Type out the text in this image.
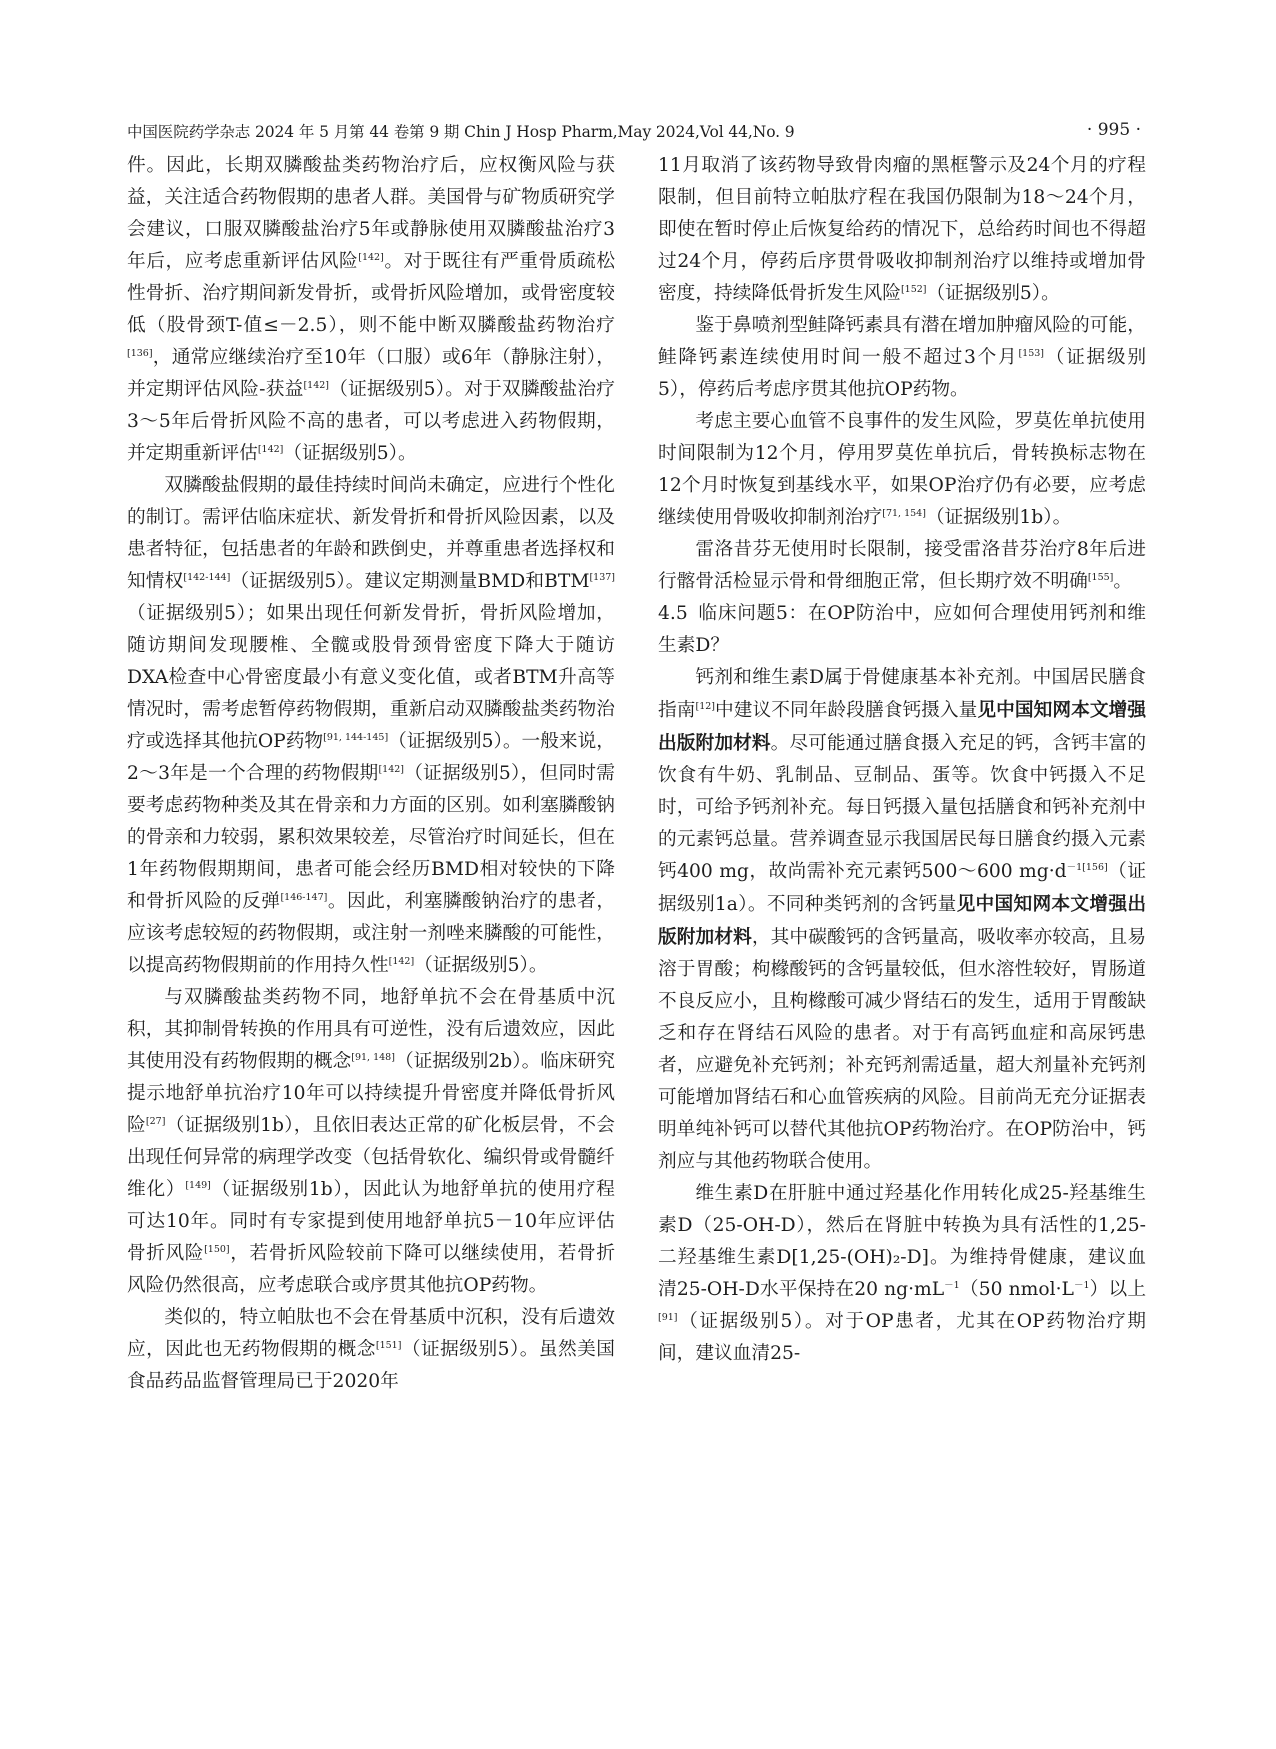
中国医院药学杂志 2024 年 5 月第 44 卷第 9 期 Chin J Hosp Pharm,May 2024,Vol 44,No. 9	· 995 ·

件。因此，长期双膦酸盐类药物治疗后，应权衡风险与获益，关注适合药物假期的患者人群。美国骨与矿物质研究学会建议，口服双膦酸盐治疗5年或静脉使用双膦酸盐治疗3年后，应考虑重新评估风险[142]。对于既往有严重骨质疏松性骨折、治疗期间新发骨折，或骨折风险增加，或骨密度较低（股骨颈T-值≤－2.5），则不能中断双膦酸盐药物治疗[136]，通常应继续治疗至10年（口服）或6年（静脉注射），并定期评估风险-获益[142]（证据级别5）。对于双膦酸盐治疗3～5年后骨折风险不高的患者，可以考虑进入药物假期，并定期重新评估[142]（证据级别5）。

双膦酸盐假期的最佳持续时间尚未确定，应进行个性化的制订。需评估临床症状、新发骨折和骨折风险因素，以及患者特征，包括患者的年龄和跌倒史，并尊重患者选择权和知情权[142-144]（证据级别5）。建议定期测量BMD和BTM[137]（证据级别5）；如果出现任何新发骨折，骨折风险增加，随访期间发现腰椎、全髋或股骨颈骨密度下降大于随访DXA检查中心骨密度最小有意义变化值，或者BTM升高等情况时，需考虑暂停药物假期，重新启动双膦酸盐类药物治疗或选择其他抗OP药物[91, 144-145]（证据级别5）。一般来说，2～3年是一个合理的药物假期[142]（证据级别5），但同时需要考虑药物种类及其在骨亲和力方面的区别。如利塞膦酸钠的骨亲和力较弱，累积效果较差，尽管治疗时间延长，但在1年药物假期期间，患者可能会经历BMD相对较快的下降和骨折风险的反弹[146-147]。因此，利塞膦酸钠治疗的患者，应该考虑较短的药物假期，或注射一剂唑来膦酸的可能性，以提高药物假期前的作用持久性[142]（证据级别5）。

与双膦酸盐类药物不同，地舒单抗不会在骨基质中沉积，其抑制骨转换的作用具有可逆性，没有后遗效应，因此其使用没有药物假期的概念[91, 148]（证据级别2b）。临床研究提示地舒单抗治疗10年可以持续提升骨密度并降低骨折风险[27]（证据级别1b），且依旧表达正常的矿化板层骨，不会出现任何异常的病理学改变（包括骨软化、编织骨或骨髓纤维化）[149]（证据级别1b），因此认为地舒单抗的使用疗程可达10年。同时有专家提到使用地舒单抗5－10年应评估骨折风险[150]，若骨折风险较前下降可以继续使用，若骨折风险仍然很高，应考虑联合或序贯其他抗OP药物。

类似的，特立帕肽也不会在骨基质中沉积，没有后遗效应，因此也无药物假期的概念[151]（证据级别5）。虽然美国食品药品监督管理局已于2020年

11月取消了该药物导致骨肉瘤的黑框警示及24个月的疗程限制，但目前特立帕肽疗程在我国仍限制为18～24个月，即使在暂时停止后恢复给药的情况下，总给药时间也不得超过24个月，停药后序贯骨吸收抑制剂治疗以维持或增加骨密度，持续降低骨折发生风险[152]（证据级别5）。

鉴于鼻喷剂型鲑降钙素具有潜在增加肿瘤风险的可能，鲑降钙素连续使用时间一般不超过3个月[153]（证据级别5），停药后考虑序贯其他抗OP药物。

考虑主要心血管不良事件的发生风险，罗莫佐单抗使用时间限制为12个月，停用罗莫佐单抗后，骨转换标志物在12个月时恢复到基线水平，如果OP治疗仍有必要，应考虑继续使用骨吸收抑制剂治疗[71, 154]（证据级别1b）。

雷洛昔芬无使用时长限制，接受雷洛昔芬治疗8年后进行髂骨活检显示骨和骨细胞正常，但长期疗效不明确[155]。

4.5 临床问题5：在OP防治中，应如何合理使用钙剂和维生素D？

钙剂和维生素D属于骨健康基本补充剂。中国居民膳食指南[12]中建议不同年龄段膳食钙摄入量见中国知网本文增强出版附加材料。尽可能通过膳食摄入充足的钙，含钙丰富的饮食有牛奶、乳制品、豆制品、蛋等。饮食中钙摄入不足时，可给予钙剂补充。每日钙摄入量包括膳食和钙补充剂中的元素钙总量。营养调查显示我国居民每日膳食约摄入元素钙400 mg，故尚需补充元素钙500～600 $mg\cdot d^{-1[156]}$（证据级别1a）。不同种类钙剂的含钙量见中国知网本文增强出版附加材料，其中碳酸钙的含钙量高，吸收率亦较高，且易溶于胃酸；枸橼酸钙的含钙量较低，但水溶性较好，胃肠道不良反应小，且枸橼酸可减少肾结石的发生，适用于胃酸缺乏和存在肾结石风险的患者。对于有高钙血症和高尿钙患者，应避免补充钙剂；补充钙剂需适量，超大剂量补充钙剂可能增加肾结石和心血管疾病的风险。目前尚无充分证据表明单纯补钙可以替代其他抗OP药物治疗。在OP防治中，钙剂应与其他药物联合使用。

维生素D在肝脏中通过羟基化作用转化成25-羟基维生素D（25-OH-D），然后在肾脏中转换为具有活性的1,25-二羟基维生素D[1,25-(OH)₂-D]。为维持骨健康，建议血清25-OH-D水平保持在20 $ng\cdot mL^{-1}(50$ $nmol\cdot L^{-1}$）以上[91]（证据级别5）。对于OP患者，尤其在OP药物治疗期间，建议血清25-
